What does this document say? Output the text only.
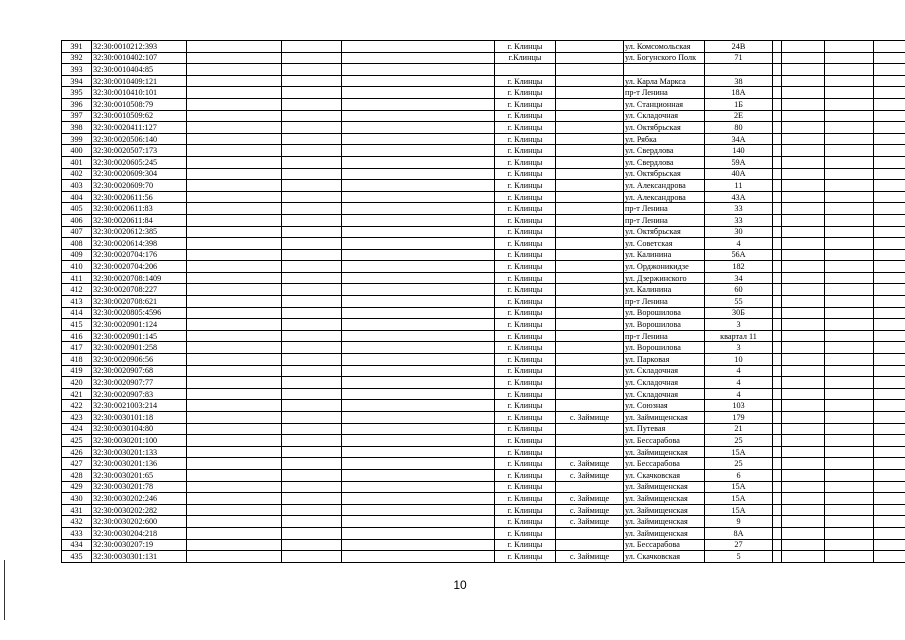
391	32:30:0010212:393				г. Клинцы		ул. Комсомольская	24В				
392	32:30:0010402:107				г.Клинцы		ул. Богунского Полк	71				
393	32:30:0010404:85											
394	32:30:0010409:121				г. Клинцы		ул. Карла Маркса	38				
395	32:30:0010410:101				г. Клинцы		пр-т Ленина	18А				
396	32:30:0010508:79				г. Клинцы		ул. Станционная	1Б				
397	32:30:0010509:62				г. Клинцы		ул. Складочная	2Е				
398	32:30:0020411:127				г. Клинцы		ул. Октябрьская	80				
399	32:30:0020506:140				г. Клинцы		ул. Рябка	34А				
400	32:30:0020507:173				г. Клинцы		ул. Свердлова	140				
401	32:30:0020605:245				г. Клинцы		ул. Свердлова	59А				
402	32:30:0020609:304				г. Клинцы		ул. Октябрьская	40А				
403	32:30:0020609:70				г. Клинцы		ул. Александрова	11				
404	32:30:0020611:56				г. Клинцы		ул. Александрова	43А				
405	32:30:0020611:83				г. Клинцы		пр-т Ленина	33				
406	32:30:0020611:84				г. Клинцы		пр-т Ленина	33				
407	32:30:0020612:385				г. Клинцы		ул. Октябрьская	30				
408	32:30:0020614:398				г. Клинцы		ул. Советская	4				
409	32:30:0020704:176				г. Клинцы		ул. Калинина	56А				
410	32:30:0020704:206				г. Клинцы		ул. Орджоникидзе	182				
411	32:30:0020708:1409				г. Клинцы		ул. Дзержинского	34				
412	32:30:0020708:227				г. Клинцы		ул. Калинина	60				
413	32:30:0020708:621				г. Клинцы		пр-т Ленина	55				
414	32:30:0020805:4596				г. Клинцы		ул. Ворошилова	30Б				
415	32:30:0020901:124				г. Клинцы		ул. Ворошилова	3				
416	32:30:0020901:145				г. Клинцы		пр-т Ленина	квартал 11				
417	32:30:0020901:258				г. Клинцы		ул. Ворошилова	3				
418	32:30:0020906:56				г. Клинцы		ул. Парковая	10				
419	32:30:0020907:68				г. Клинцы		ул. Складочная	4				
420	32:30:0020907:77				г. Клинцы		ул. Складочная	4				
421	32:30:0020907:83				г. Клинцы		ул. Складочная	4				
422	32:30:0021003:214				г. Клинцы		ул. Союзная	103				
423	32:30:0030101:18				г. Клинцы	с. Займище	ул. Займищенская	179				
424	32:30:0030104:80				г. Клинцы		ул. Путевая	21				
425	32:30:0030201:100				г. Клинцы		ул. Бессарабова	25				
426	32:30:0030201:133				г. Клинцы		ул. Займищенская	15А				
427	32:30:0030201:136				г. Клинцы	с. Займище	ул. Бессарабова	25				
428	32:30:0030201:65				г. Клинцы	с. Займище	ул. Скачковская	6				
429	32:30:0030201:78				г. Клинцы		ул. Займищенская	15А				
430	32:30:0030202:246				г. Клинцы	с. Займище	ул. Займищенская	15А				
431	32:30:0030202:282				г. Клинцы	с. Займище	ул. Займищенская	15А				
432	32:30:0030202:600				г. Клинцы	с. Займище	ул. Займищенская	9				
433	32:30:0030204:218				г. Клинцы		ул. Займищенская	8А				
434	32:30:0030207:19				г. Клинцы		ул. Бессарабова	27				
435	32:30:0030301:131				г. Клинцы	с. Займище	ул. Скачковская	5				
10
